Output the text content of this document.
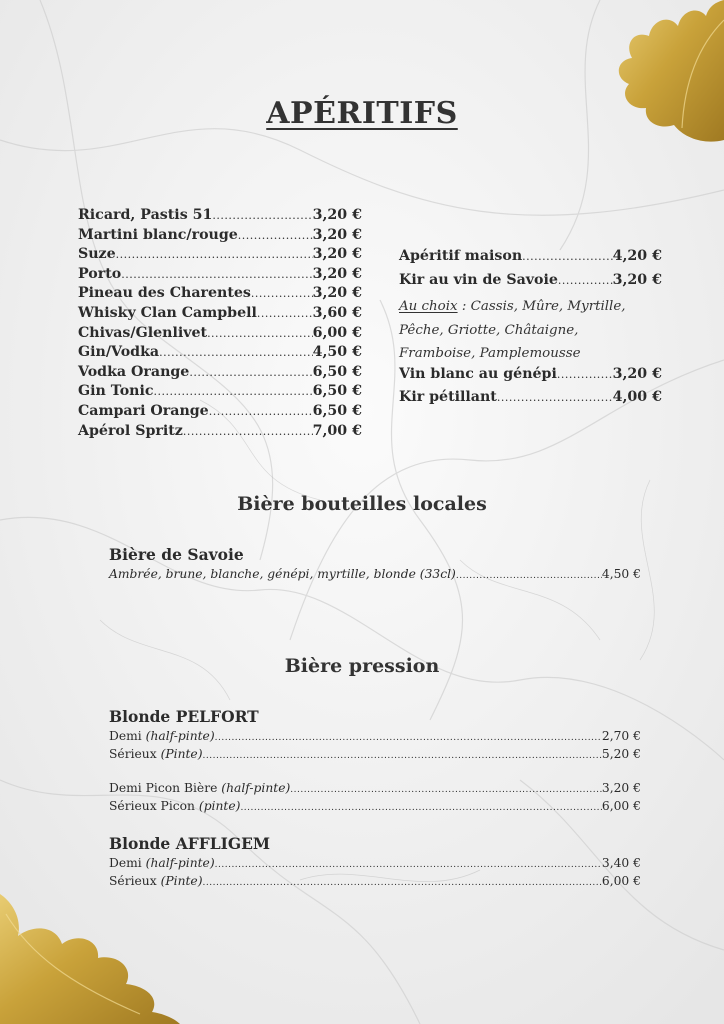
APÉRITIFS
Ricard, Pastis 51 .....	3,20 €
Martini blanc/rouge .....	3,20 €
Suze .....	3,20 €
Porto .....	3,20 €
Pineau des Charentes .....	3,20 €
Whisky Clan Campbell .....	3,60 €
Chivas/Glenlivet .....	6,00 €
Gin/Vodka .....	4,50 €
Vodka Orange .....	6,50 €
Gin Tonic .....	6,50 €
Campari Orange .....	6,50 €
Apérol Spritz .....	7,00 €
Apéritif maison .....	4,20 €
Kir au vin de Savoie .....	3,20 €
Au choix : Cassis, Mûre, Myrtille,
Pêche, Griotte, Châtaigne,
Framboise, Pamplemousse
Vin blanc au génépi .....	3,20 €
Kir pétillant .....	4,00 €
Bière bouteilles locales
Bière de Savoie
Ambrée, brune, blanche, génépi, myrtille, blonde (33cl) .....	4,50 €
Bière pression
Blonde PELFORT
Demi (half-pinte) .....	2,70 €
Sérieux (Pinte) .....	5,20 €
Demi Picon Bière (half-pinte) .....	3,20 €
Sérieux Picon (pinte) .....	6,00 €
Blonde AFFLIGEM
Demi (half-pinte) .....	3,40 €
Sérieux (Pinte) .....	6,00 €
